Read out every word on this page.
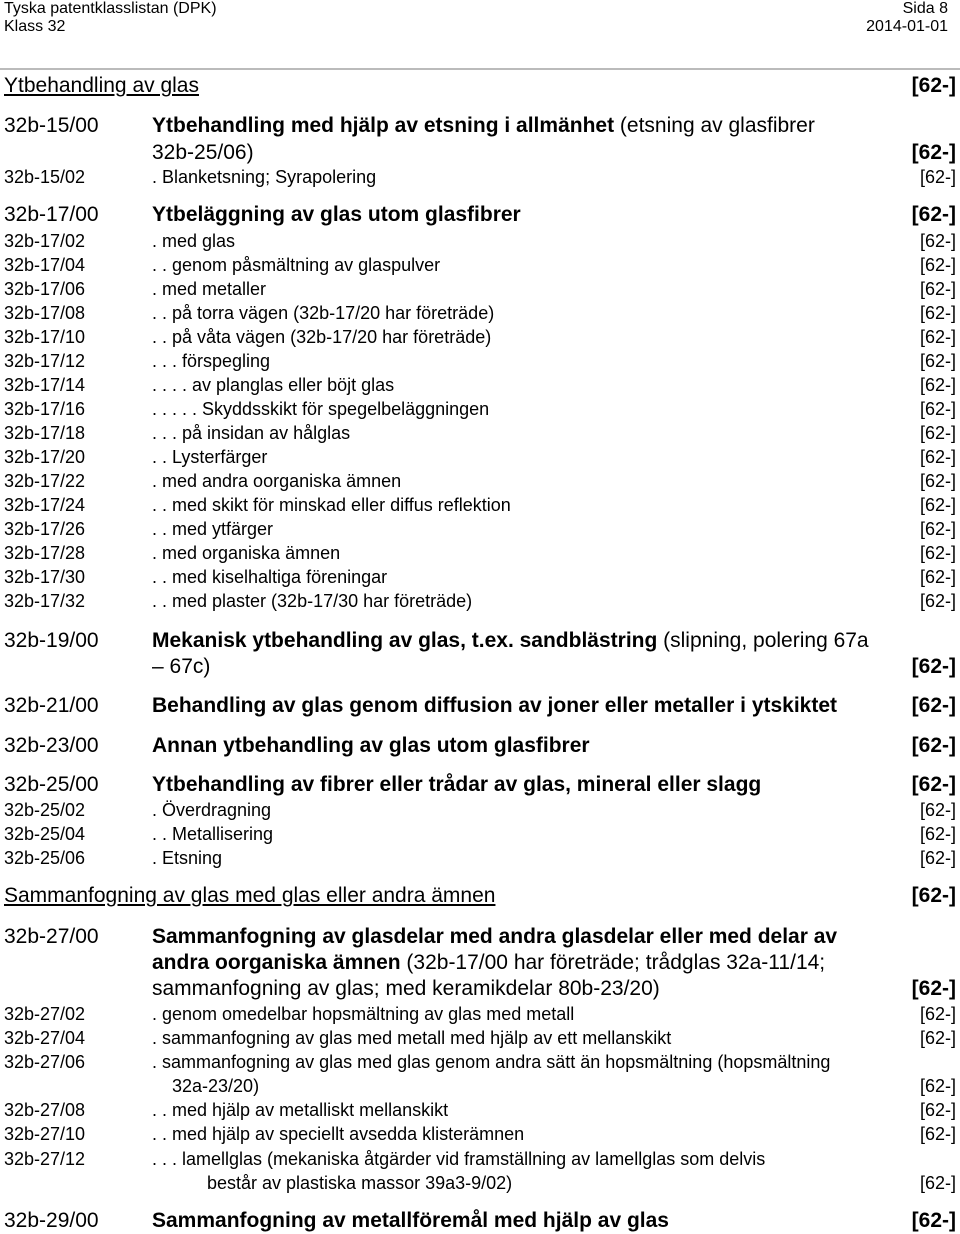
Tyska patentklasslistan (DPK)	Sida 8
Klass 32	2014-01-01
Ytbehandling av glas	[62-]
32b-15/00	Ytbehandling med hjälp av etsning i allmänhet (etsning av glasfibrer
32b-25/06)	[62-]
32b-15/02	. Blanketsning; Syrapolering	[62-]
32b-17/00	Ytbeläggning av glas utom glasfibrer	[62-]
32b-17/02	. med glas	[62-]
32b-17/04	. . genom påsmältning av glaspulver	[62-]
32b-17/06	. med metaller	[62-]
32b-17/08	. . på torra vägen (32b-17/20 har företräde)	[62-]
32b-17/10	. . på våta vägen (32b-17/20 har företräde)	[62-]
32b-17/12	. . . förspegling	[62-]
32b-17/14	. . . . av planglas eller böjt glas	[62-]
32b-17/16	. . . . . Skyddsskikt för spegelbeläggningen	[62-]
32b-17/18	. . . på insidan av hålglas	[62-]
32b-17/20	. . Lysterfärger	[62-]
32b-17/22	. med andra oorganiska ämnen	[62-]
32b-17/24	. . med skikt för minskad eller diffus reflektion	[62-]
32b-17/26	. . med ytfärger	[62-]
32b-17/28	. med organiska ämnen	[62-]
32b-17/30	. . med kiselhaltiga föreningar	[62-]
32b-17/32	. . med plaster (32b-17/30 har företräde)	[62-]
32b-19/00	Mekanisk ytbehandling av glas, t.ex. sandblästring (slipning, polering 67a
– 67c)	[62-]
32b-21/00	Behandling av glas genom diffusion av joner eller metaller i ytskiktet	[62-]
32b-23/00	Annan ytbehandling av glas utom glasfibrer	[62-]
32b-25/00	Ytbehandling av fibrer eller trådar av glas, mineral eller slagg	[62-]
32b-25/02	. Överdragning	[62-]
32b-25/04	. . Metallisering	[62-]
32b-25/06	. Etsning	[62-]
Sammanfogning av glas med glas eller andra ämnen	[62-]
32b-27/00	Sammanfogning av glasdelar med andra glasdelar eller med delar av
andra oorganiska ämnen (32b-17/00 har företräde; trådglas 32a-11/14;
sammanfogning av glas; med keramikdelar 80b-23/20)	[62-]
32b-27/02	. genom omedelbar hopsmältning av glas med metall	[62-]
32b-27/04	. sammanfogning av glas med metall med hjälp av ett mellanskikt	[62-]
32b-27/06	. sammanfogning av glas med glas genom andra sätt än hopsmältning (hopsmältning
32a-23/20)	[62-]
32b-27/08	. . med hjälp av metalliskt mellanskikt	[62-]
32b-27/10	. . med hjälp av speciellt avsedda klisterämnen	[62-]
32b-27/12	. . . lamellglas (mekaniska åtgärder vid framställning av lamellglas som delvis
består av plastiska massor 39a3-9/02)	[62-]
32b-29/00	Sammanfogning av metallföremål med hjälp av glas	[62-]
